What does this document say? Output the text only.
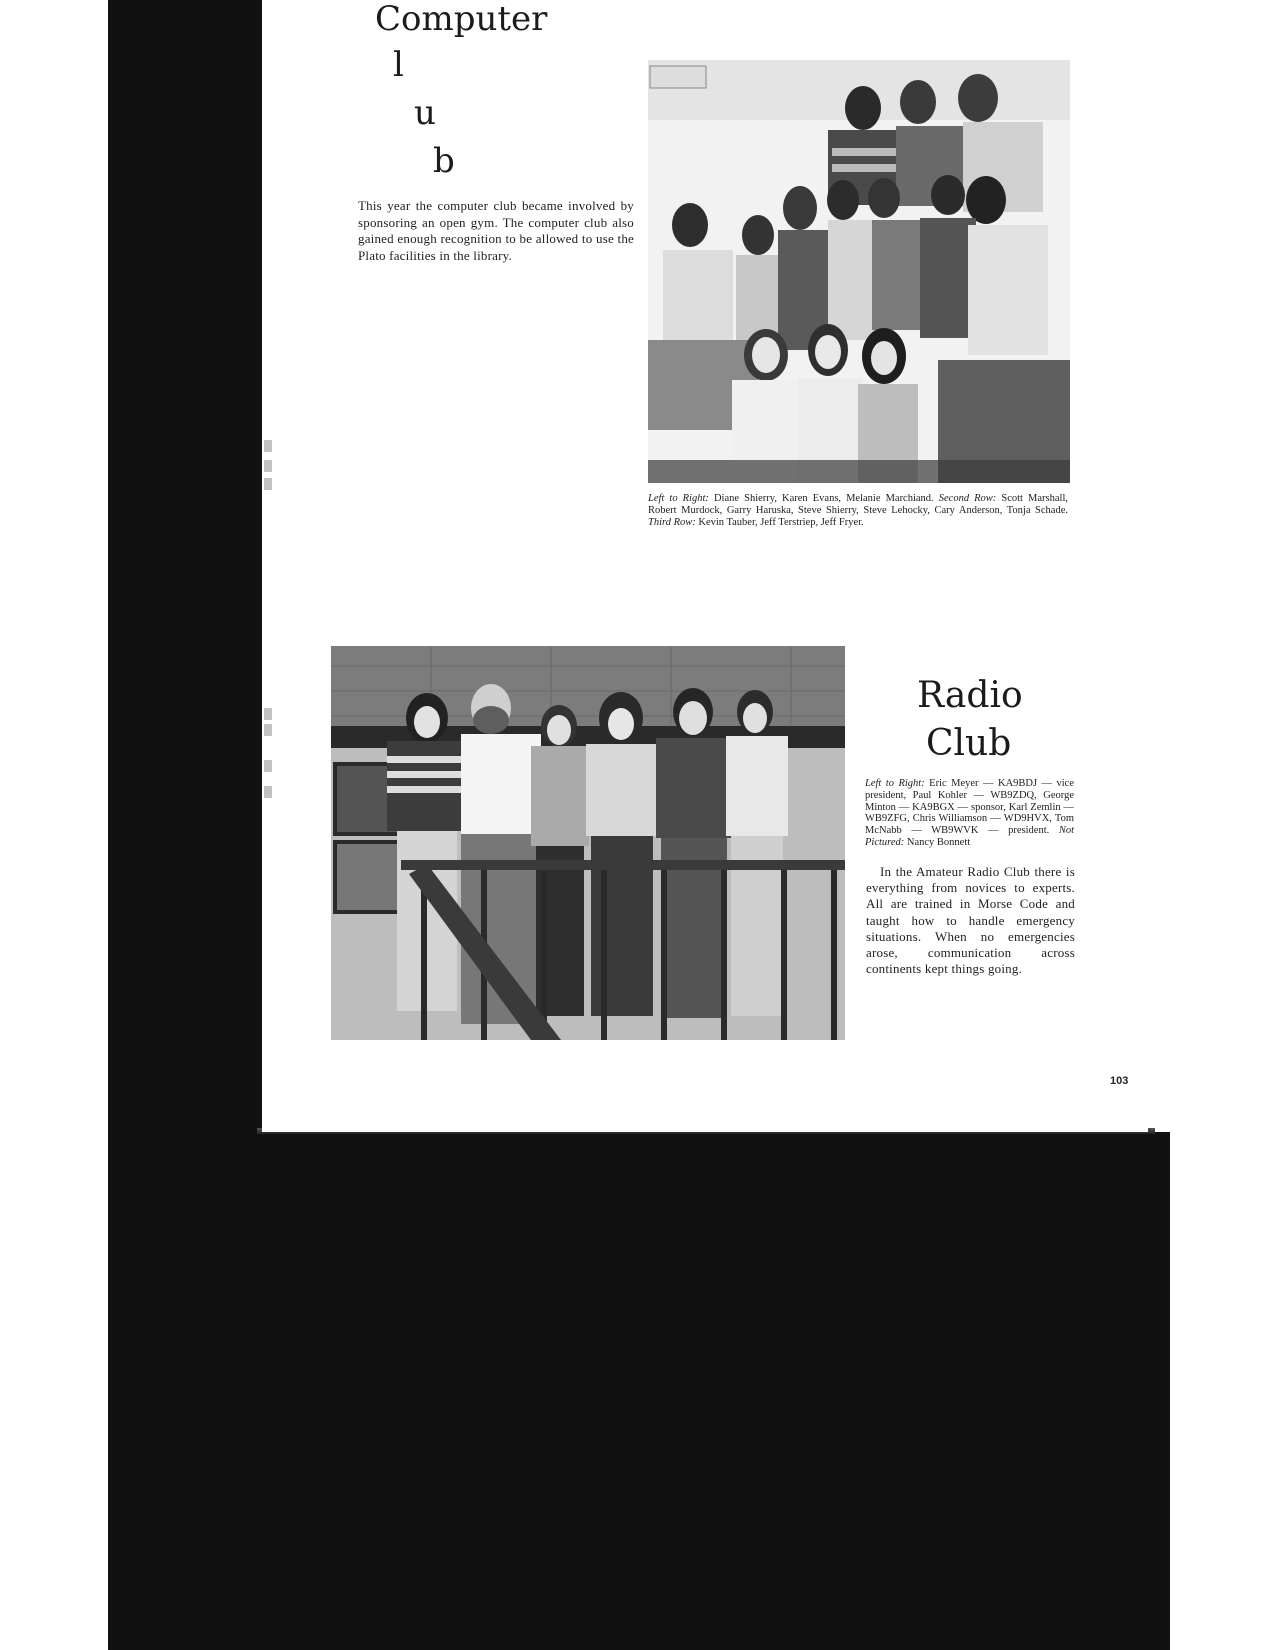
Computer
l
u
b
This year the computer club became involved by sponsoring an open gym. The computer club also gained enough recognition to be allowed to use the Plato facilities in the library.
Left to Right: Diane Shierry, Karen Evans, Melanie Marchiand. Second Row: Scott Marshall, Robert Murdock, Garry Haruska, Steve Shierry, Steve Lehocky, Cary Anderson, Tonja Schade. Third Row: Kevin Tauber, Jeff Terstriep, Jeff Fryer.
Radio
Club
Left to Right: Eric Meyer — KA9BDJ — vice president, Paul Kohler — WB9ZDQ, George Minton — KA9BGX — sponsor, Karl Zemlin — WB9ZFG, Chris Williamson — WD9HVX, Tom McNabb — WB9WVK — president. Not Pictured: Nancy Bonnett
In the Amateur Radio Club there is everything from novices to experts. All are trained in Morse Code and taught how to handle emergency situations. When no emergencies arose, communication across continents kept things going.
103
